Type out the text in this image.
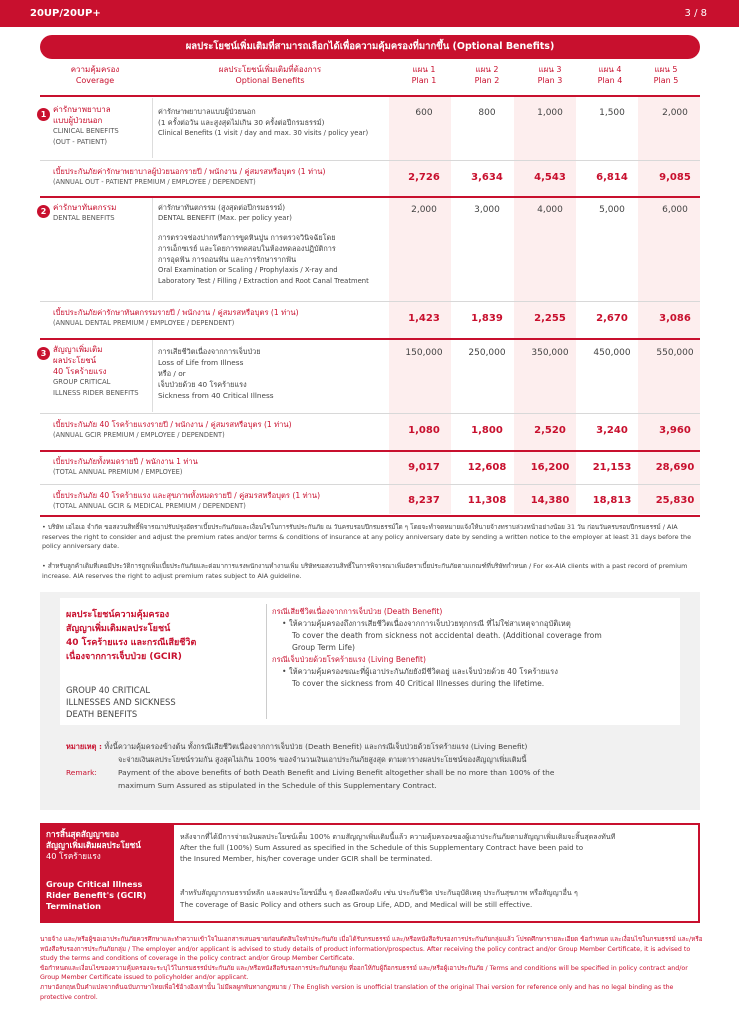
20UP/20UP+	3 / 8
ผลประโยชน์เพิ่มเติมที่สามารถเลือกได้เพื่อความคุ้มครองที่มากขึ้น (Optional Benefits)
ความคุ้มครอง
Coverage
ผลประโยชน์เพิ่มเติมที่ต้องการ
Optional Benefits
แผน 1
Plan 1
แผน 2
Plan 2
แผน 3
Plan 3
แผน 4
Plan 4
แผน 5
Plan 5
1
ค่ารักษาพยาบาล
แบบผู้ป่วยนอก
CLINICAL BENEFITS
(OUT - PATIENT)
ค่ารักษาพยาบาลแบบผู้ป่วยนอก
(1 ครั้งต่อวัน และสูงสุดไม่เกิน 30 ครั้งต่อปีกรมธรรม์)
Clinical Benefits (1 visit / day and max. 30 visits / policy year)
600	800	1,000	1,500	2,000
เบี้ยประกันภัยค่ารักษาพยาบาลผู้ป่วยนอกรายปี / พนักงาน / คู่สมรสหรือบุตร (1 ท่าน)
(ANNUAL OUT - PATIENT PREMIUM / EMPLOYEE / DEPENDENT)	2,726	3,634	4,543	6,814	9,085
2 ค่ารักษาทันตกรรม
DENTAL BENEFITS
ค่ารักษาทันตกรรม (สูงสุดต่อปีกรมธรรม์)
DENTAL BENEFIT (Max. per policy year)
การตรวจช่องปากหรือการขูดหินปูน การตรวจวินิจฉัยโดย
การเอ็กซเรย์ และโดยการทดสอบในห้องทดลองปฏิบัติการ
การอุดฟัน การถอนฟัน และการรักษารากฟัน
Oral Examination or Scaling / Prophylaxis / X-ray and
Laboratory Test / Filling / Extraction and Root Canal Treatment
2,000	3,000	4,000	5,000	6,000
เบี้ยประกันภัยค่ารักษาทันตกรรมรายปี / พนักงาน / คู่สมรสหรือบุตร (1 ท่าน)
(ANNUAL DENTAL PREMIUM / EMPLOYEE / DEPENDENT)	1,423	1,839	2,255	2,670	3,086
3 สัญญาเพิ่มเติม
ผลประโยชน์
40 โรคร้ายแรง
GROUP CRITICAL
ILLNESS RIDER BENEFITS
การเสียชีวิตเนื่องจากการเจ็บป่วย
Loss of Life from Illness
หรือ / or
เจ็บป่วยด้วย 40 โรคร้ายแรง
Sickness from 40 Critical Illness
150,000	250,000	350,000	450,000	550,000
เบี้ยประกันภัย 40 โรคร้ายแรงรายปี / พนักงาน / คู่สมรสหรือบุตร (1 ท่าน)
(ANNUAL GCIR PREMIUM / EMPLOYEE / DEPENDENT)	1,080	1,800	2,520	3,240	3,960
เบี้ยประกันภัยทั้งหมดรายปี / พนักงาน 1 ท่าน
(TOTAL ANNUAL PREMIUM / EMPLOYEE)	9,017	12,608	16,200	21,153	28,690
เบี้ยประกันภัย 40 โรคร้ายแรง และสุขภาพทั้งหมดรายปี / คู่สมรสหรือบุตร (1 ท่าน)
(TOTAL ANNUAL GCIR & MEDICAL PREMIUM / DEPENDENT)	8,237	11,308	14,380	18,813	25,830
• บริษัท เอไอเอ จำกัด ขอสงวนสิทธิ์พิจารณาปรับปรุงอัตราเบี้ยประกันภัยและเงื่อนไขในการรับประกันภัย ณ วันครบรอบปีกรมธรรม์ใด ๆ โดยจะทำจดหมายแจ้งให้นายจ้างทราบล่วงหน้าอย่างน้อย 31 วัน ก่อนวันครบรอบปีกรมธรรม์ / AIA reserves the right to consider and adjust the premium rates and/or terms & conditions of insurance at any policy anniversary date by sending a written notice to the employer at least 31 days before the policy anniversary date.
• สำหรับลูกค้าเดิมที่เคยมีประวัติการถูกเพิ่มเบี้ยประกันภัยและต่อมาการแรงพนักงานทำงานเพิ่ม บริษัทขอสงวนสิทธิ์ในการพิจารณาเพิ่มอัตราเบี้ยประกันภัยตามเกณฑ์ที่บริษัทกำหนด / For ex-AIA clients with a past record of premium increase. AIA reserves the right to adjust premium rates subject to AIA guideline.
ผลประโยชน์ความคุ้มครอง
สัญญาเพิ่มเติมผลประโยชน์
40 โรคร้ายแรง และกรณีเสียชีวิต
เนื่องจากการเจ็บป่วย (GCIR)
GROUP 40 CRITICAL
ILLNESSES AND SICKNESS
DEATH BENEFITS
กรณีเสียชีวิตเนื่องจากการเจ็บป่วย (Death Benefit)
• ให้ความคุ้มครองถึงการเสียชีวิตเนื่องจากการเจ็บป่วยทุกกรณี ที่ไม่ใช่สาเหตุจากอุบัติเหตุ
To cover the death from sickness not accidental death. (Additional coverage from
Group Term Life)
กรณีเจ็บป่วยด้วยโรคร้ายแรง (Living Benefit)
• ให้ความคุ้มครองขณะที่ผู้เอาประกันภัยยังมีชีวิตอยู่ และเจ็บป่วยด้วย 40 โรคร้ายแรง
To cover the sickness from 40 Critical Illnesses during the lifetime.
หมายเหตุ : ทั้งนี้ความคุ้มครองข้างต้น ทั้งกรณีเสียชีวิตเนื่องจากการเจ็บป่วย (Death Benefit) และกรณีเจ็บป่วยด้วยโรคร้ายแรง (Living Benefit)
จะจ่ายเงินผลประโยชน์รวมกัน สูงสุดไม่เกิน 100% ของจำนวนเงินเอาประกันภัยสูงสุด ตามตารางผลประโยชน์ของสัญญาเพิ่มเติมนี้
Remark:	Payment of the above benefits of both Death Benefit and Living Benefit altogether shall be no more than 100% of the
maximum Sum Assured as stipulated in the Schedule of this Supplementary Contract.
การสิ้นสุดสัญญาของ
สัญญาเพิ่มเติมผลประโยชน์
40 โรคร้ายแรง
Group Critical Illness
Rider Benefit's (GCIR)
Termination
หลังจากที่ได้มีการจ่ายเงินผลประโยชน์เต็ม 100% ตามสัญญาเพิ่มเติมนี้แล้ว ความคุ้มครองของผู้เอาประกันภัยตามสัญญาเพิ่มเติมจะสิ้นสุดลงทันที
After the full (100%) Sum Assured as specified in the Schedule of this Supplementary Contract have been paid to
the Insured Member, his/her coverage under GCIR shall be terminated.
สำหรับสัญญากรมธรรม์หลัก และผลประโยชน์อื่น ๆ ยังคงมีผลบังคับ เช่น ประกันชีวิต ประกันอุบัติเหตุ ประกันสุขภาพ หรือสัญญาอื่น ๆ
The coverage of Basic Policy and others such as Group Life, ADD, and Medical will be still effective.
นายจ้าง และ/หรือผู้ขอเอาประกันภัยควรศึกษาและทำความเข้าใจในเอกสารเสนอขายก่อนตัดสินใจทำประกันภัย เมื่อได้รับกรมธรรม์ และ/หรือหนังสือรับรองการประกันภัยกลุ่มแล้ว โปรดศึกษารายละเอียด ข้อกำหนด และเงื่อนไขในกรมธรรม์ และ/หรือหนังสือรับรองการประกันภัยกลุ่ม / The employer and/or applicant is advised to study details of product information/prospectus. After receiving the policy contract and/or Group Member Certificate, it is advised to study the terms and conditions of coverage in the policy contract and/or Group Member Certificate.
ข้อกำหนดและเงื่อนไขของความคุ้มครองจะระบุไว้ในกรมธรรม์ประกันภัย และ/หรือหนังสือรับรองการประกันภัยกลุ่ม ที่ออกให้กับผู้ถือกรมธรรม์ และ/หรือผู้เอาประกันภัย / Terms and conditions will be specified in policy contract and/or Group Member Certificate issued to policyholder and/or applicant.
ภาษาอังกฤษเป็นคำแปลจากต้นฉบับภาษาไทยเพื่อใช้อ้างอิงเท่านั้น ไม่มีผลผูกพันทางกฎหมาย / The English version is unofficial translation of the original Thai version for reference only and has no legal binding as the protective control.
